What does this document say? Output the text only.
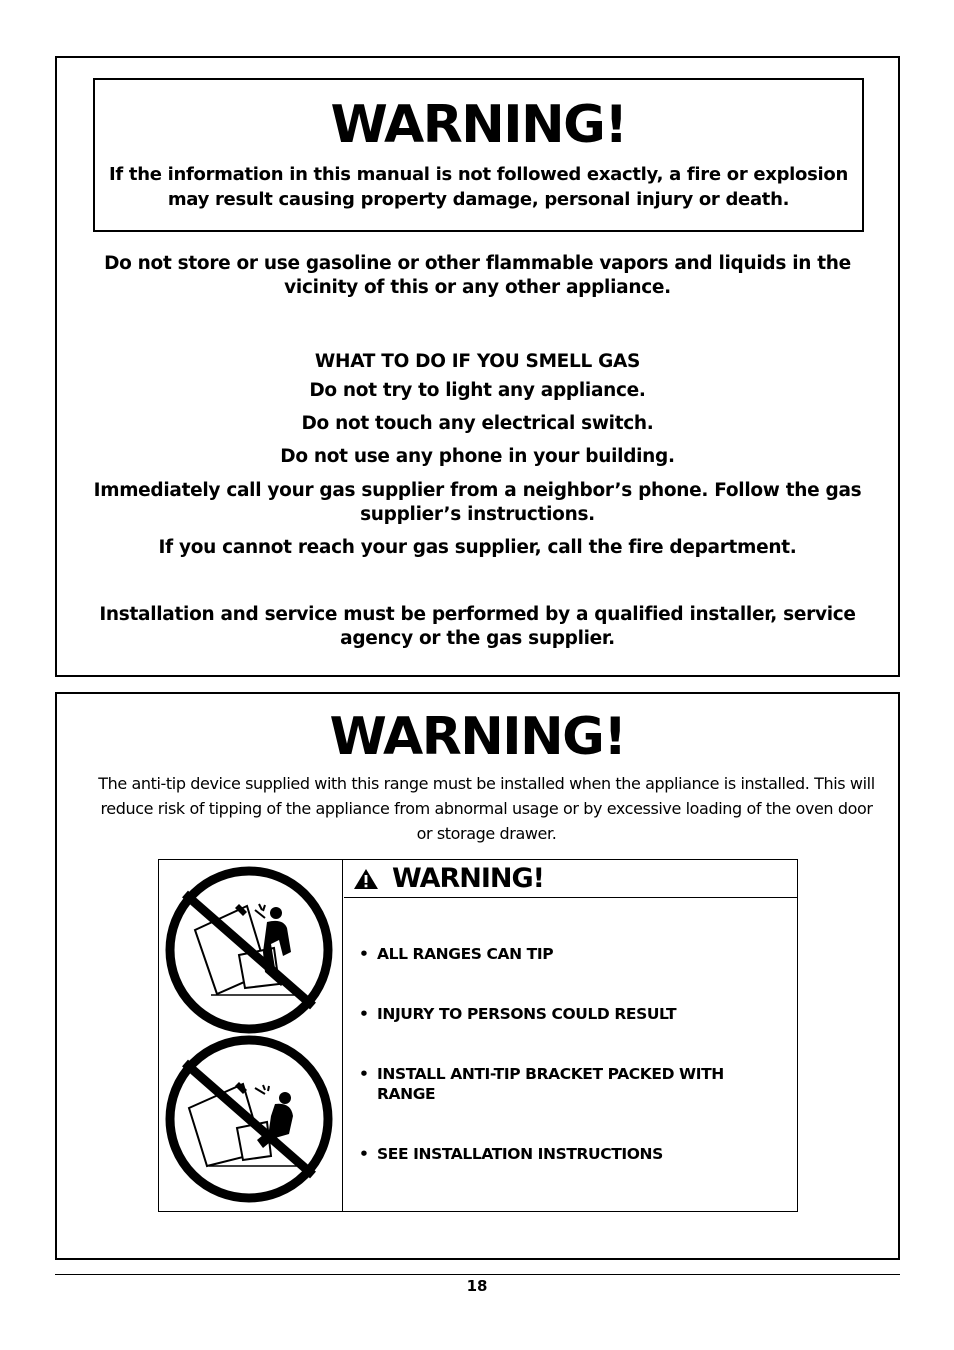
WARNING!
If the information in this manual is not followed exactly, a fire or explosion may result causing property damage, personal injury or death.
Do not store or use gasoline or other flammable vapors and liquids in the vicinity of this or any other appliance.
WHAT TO DO IF YOU SMELL GAS
Do not try to light any appliance.
Do not touch any electrical switch.
Do not use any phone in your building.
Immediately call your gas supplier from a neighbor’s phone. Follow the gas supplier’s instructions.
If you cannot reach your gas supplier, call the fire department.
Installation and service must be performed by a qualified installer, service agency or the gas supplier.
WARNING!
The anti-tip device supplied with this range must be installed when the appliance is installed. This will reduce risk of tipping of the appliance from abnormal usage or by excessive loading of the oven door or storage drawer.
WARNING!
• ALL RANGES CAN TIP
• INJURY TO PERSONS COULD RESULT
• INSTALL ANTI-TIP BRACKET PACKED WITH RANGE
• SEE INSTALLATION INSTRUCTIONS
18
